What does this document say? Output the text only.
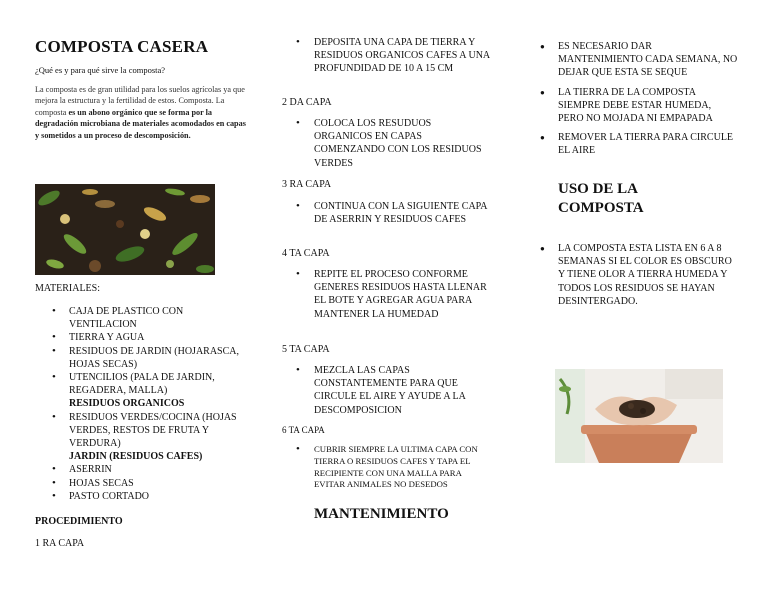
COMPOSTA CASERA

¿Qué es y para qué sirve la composta?

La composta es de gran utilidad para los suelos agrícolas ya que mejora la estructura y la fertilidad de estos. Composta. La composta es un abono orgánico que se forma por la degradación microbiana de materiales acomodados en capas y sometidos a un proceso de descomposición.

MATERIALES:

• CAJA DE PLASTICO CON VENTILACION
• TIERRA Y AGUA
• RESIDUOS DE JARDIN (HOJARASCA, HOJAS SECAS)
• UTENCILIOS (PALA DE JARDIN, REGADERA, MALLA)
RESIDUOS ORGANICOS
• RESIDUOS VERDES/COCINA (HOJAS VERDES, RESTOS DE FRUTA Y VERDURA)
JARDIN (RESIDUOS CAFES)
• ASERRIN
• HOJAS SECAS
• PASTO CORTADO

PROCEDIMIENTO

1 RA CAPA

• DEPOSITA UNA CAPA DE TIERRA Y RESIDUOS ORGANICOS CAFES A UNA PROFUNDIDAD DE 10 A 15 CM

2 DA CAPA

• COLOCA LOS RESUDUOS ORGANICOS EN CAPAS COMENZANDO CON LOS RESIDUOS VERDES

3 RA CAPA

• CONTINUA CON LA SIGUIENTE CAPA DE ASERRIN Y RESIDUOS CAFES

4 TA CAPA

• REPITE EL PROCESO CONFORME GENERES RESIDUOS HASTA LLENAR EL BOTE Y AGREGAR AGUA PARA MANTENER LA HUMEDAD

5 TA CAPA

• MEZCLA LAS CAPAS CONSTANTEMENTE PARA QUE CIRCULE EL AIRE Y AYUDE A LA DESCOMPOSICION

6 TA CAPA

• CUBRIR SIEMPRE LA ULTIMA CAPA CON TIERRA O RESIDUOS CAFES Y TAPA EL RECIPIENTE CON UNA MALLA PARA EVITAR ANIMALES NO DESEDOS
MANTENIMIENTO
● ES NECESARIO DAR MANTENIMIENTO CADA SEMANA, NO DEJAR QUE ESTA SE SEQUE
● LA TIERRA DE LA COMPOSTA SIEMPRE DEBE ESTAR HUMEDA, PERO NO MOJADA NI EMPAPADA
● REMOVER LA TIERRA PARA CIRCULE EL AIRE
USO DE LA COMPOSTA
● LA COMPOSTA ESTA LISTA EN 6 A 8 SEMANAS SI EL COLOR ES OBSCURO Y TIENE OLOR A TIERRA HUMEDA Y TODOS LOS RESIDUOS SE HAYAN DESINTERGADO.
